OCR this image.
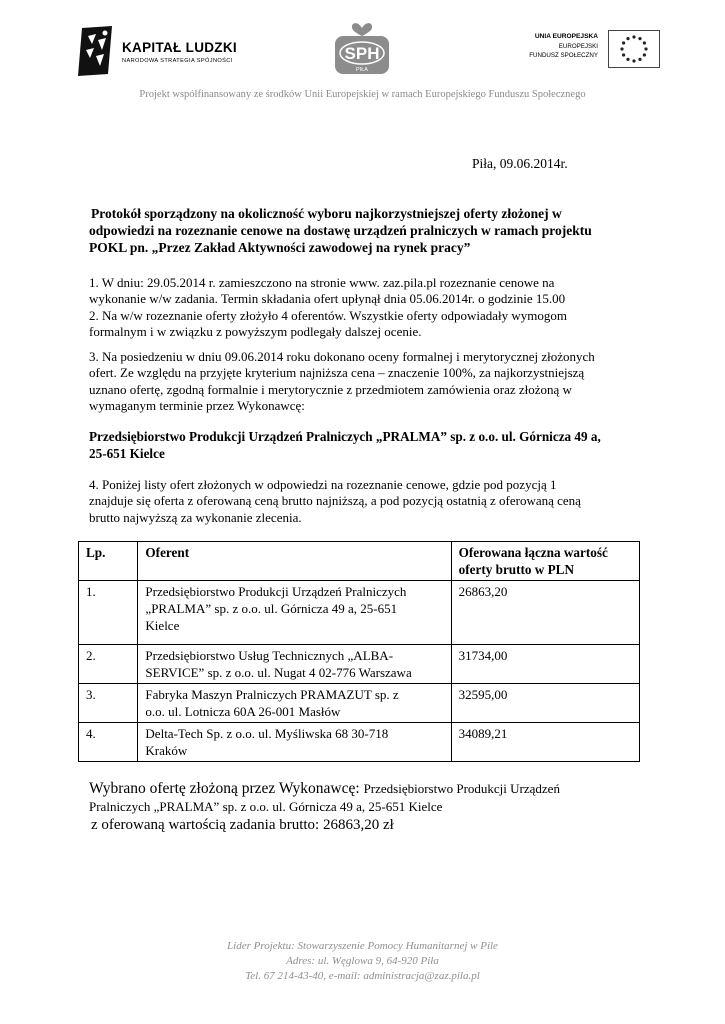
KAPITAŁ LUDZKI
NARODOWA STRATEGIA SPÓJNOŚCI	SPH
PIŁA
UNIA EUROPEJSKA
EUROPEJSKI
FUNDUSZ SPOŁECZNY
Projekt współfinansowany ze środków Unii Europejskiej w ramach Europejskiego Funduszu Społecznego
Piła, 09.06.2014r.
Protokół sporządzony na okoliczność wyboru najkorzystniejszej oferty złożonej w
odpowiedzi na rozeznanie cenowe na dostawę urządzeń pralniczych w ramach projektu
POKL pn. „Przez Zakład Aktywności zawodowej na rynek pracy”
1. W dniu: 29.05.2014 r. zamieszczono na stronie www. zaz.pila.pl rozeznanie cenowe na
wykonanie w/w zadania. Termin składania ofert upłynął dnia 05.06.2014r. o godzinie 15.00
2. Na w/w rozeznanie oferty złożyło 4 oferentów. Wszystkie oferty odpowiadały wymogom
formalnym i w związku z powyższym podlegały dalszej ocenie.
3. Na posiedzeniu w dniu 09.06.2014 roku dokonano oceny formalnej i merytorycznej złożonych
ofert. Ze względu na przyjęte kryterium najniższa cena – znaczenie 100%, za najkorzystniejszą
uznano ofertę, zgodną formalnie i merytorycznie z przedmiotem zamówienia oraz złożoną w
wymaganym terminie przez Wykonawcę:
Przedsiębiorstwo Produkcji Urządzeń Pralniczych „PRALMA” sp. z o.o. ul. Górnicza 49 a,
25-651 Kielce
4. Poniżej listy ofert złożonych w odpowiedzi na rozeznanie cenowe, gdzie pod pozycją 1
znajduje się oferta z oferowaną ceną brutto najniższą, a pod pozycją ostatnią z oferowaną ceną
brutto najwyższą za wykonanie zlecenia.
Lp.	Oferent	Oferowana łączna wartość
oferty brutto w PLN

1.	Przedsiębiorstwo Produkcji Urządzeń Pralniczych
„PRALMA” sp. z o.o. ul. Górnicza 49 a, 25-651
Kielce	26863,20
2.	Przedsiębiorstwo Usług Technicznych „ALBA-
SERVICE” sp. z o.o. ul. Nugat 4 02-776 Warszawa	31734,00
3.	Fabryka Maszyn Pralniczych PRAMAZUT sp. z
o.o. ul. Lotnicza 60A 26-001 Masłów	32595,00
4.	Delta-Tech Sp. z o.o. ul. Myśliwska 68 30-718
Kraków	34089,21
Wybrano ofertę złożoną przez Wykonawcę: Przedsiębiorstwo Produkcji Urządzeń
Pralniczych „PRALMA” sp. z o.o. ul. Górnicza 49 a, 25-651 Kielce
z oferowaną wartością zadania brutto: 26863,20 zł
Lider Projektu: Stowarzyszenie Pomocy Humanitarnej w Pile
Adres: ul. Węglowa 9, 64-920 Piła
Tel. 67 214-43-40, e-mail: administracja@zaz.pila.pl
